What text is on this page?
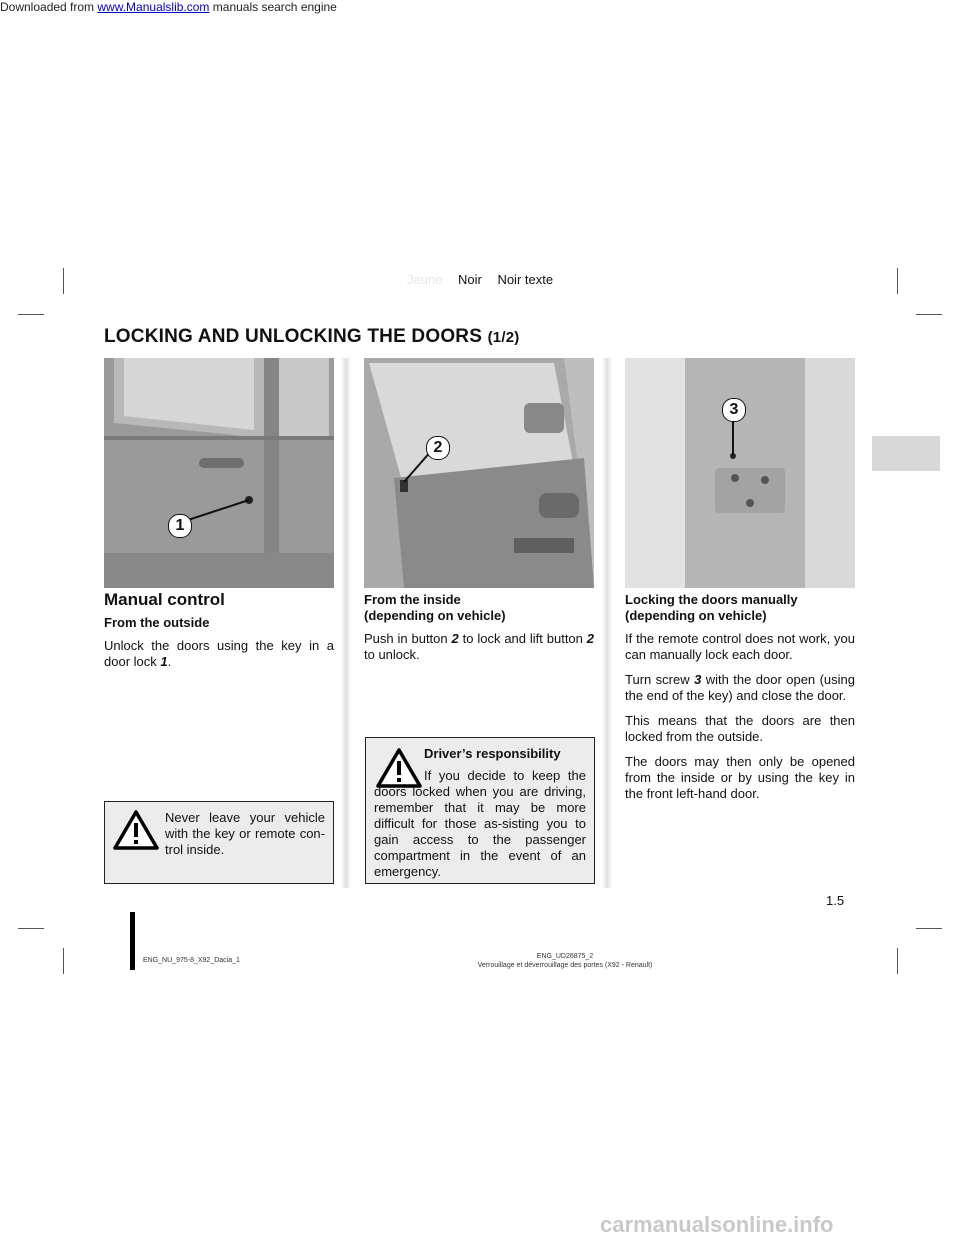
Downloaded from www.Manualslib.com manuals search engine
Jaune Noir Noir texte
LOCKING AND UNLOCKING THE DOORS (1/2)
1
2
3
Manual control

From the outside

Unlock the doors using the key in a door lock 1.

Never leave your vehicle with the key or remote con-trol inside.

From the inside
(depending on vehicle)

Push in button 2 to lock and lift button 2 to unlock.

Driver’s responsibility

If you decide to keep the doors locked when you are driving, remember that it may be more difficult for those as-sisting you to gain access to the passenger compartment in the event of an emergency.

Locking the doors manually
(depending on vehicle)

If the remote control does not work, you can manually lock each door.

Turn screw 3 with the door open (using the end of the key) and close the door.

This means that the doors are then locked from the outside.

The doors may then only be opened from the inside or by using the key in the front left-hand door.

1.5
ENG_NU_975-8_X92_Dacia_1
ENG_UD26875_2
Verrouillage et déverrouillage des portes (X92 - Renault)
carmanualsonline.info
